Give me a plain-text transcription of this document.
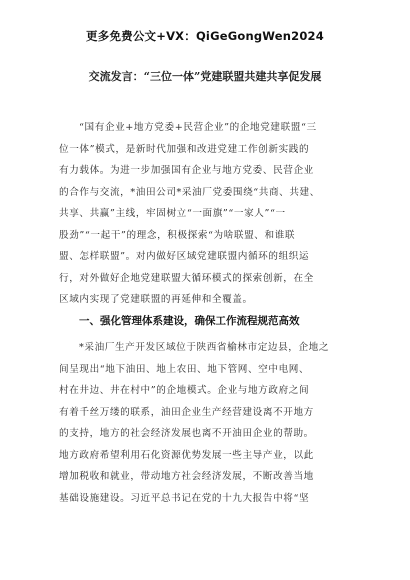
更多免费公文+VX：QiGeGongWen2024
交流发言：“三位一体”党建联盟共建共享促发展
“国有企业+地方党委+民营企业”的企地党建联盟“三
位一体”模式，是新时代加强和改进党建工作创新实践的
有力载体。为进一步加强国有企业与地方党委、民营企业
的合作与交流，*油田公司*采油厂党委围绕“共商、共建、
共享、共赢”主线，牢固树立“一面旗”“一家人”“一
股劲”“一起干”的理念，积极探索“为啥联盟、和谁联
盟、怎样联盟”。对内做好区域党建联盟内循环的组织运
行，对外做好企地党建联盟大循环模式的探索创新，在全
区域内实现了党建联盟的再延伸和全覆盖。
一、强化管理体系建设，确保工作流程规范高效
*采油厂生产开发区域位于陕西省榆林市定边县，企地之
间呈现出“地下油田、地上农田、地下管网、空中电网、
村在井边、井在村中”的企地模式。企业与地方政府之间
有着千丝万缕的联系，油田企业生产经营建设离不开地方
的支持，地方的社会经济发展也离不开油田企业的帮助。
地方政府希望利用石化资源优势发展一些主导产业，以此
增加税收和就业，带动地方社会经济发展，不断改善当地
基础设施建设。习近平总书记在党的十九大报告中将“坚
